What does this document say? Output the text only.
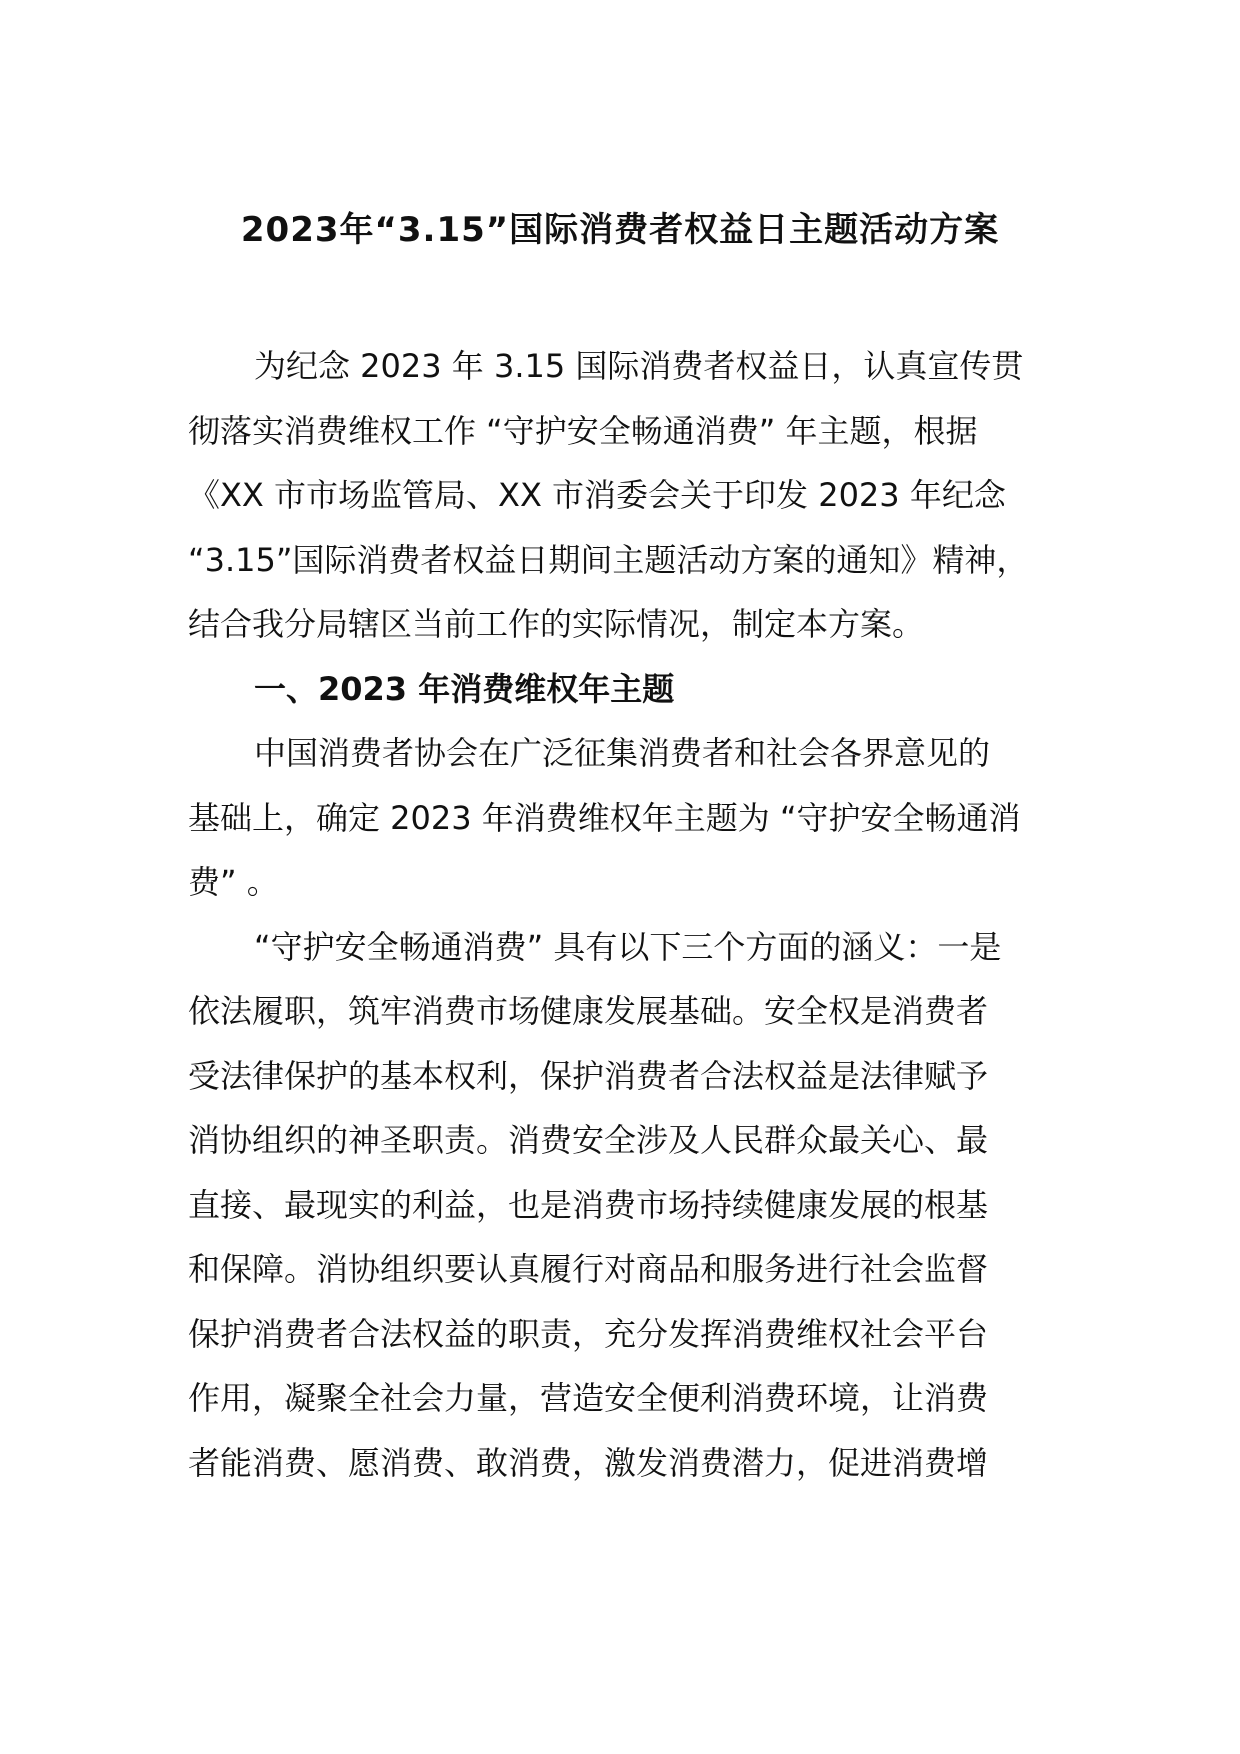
2023年“3.15”国际消费者权益日主题活动方案
为纪念 2023 年 3.15 国际消费者权益日，认真宣传贯
彻落实消费维权工作 “守护安全畅通消费” 年主题，根据
《XX 市市场监管局、XX 市消委会关于印发 2023 年纪念
“3.15”国际消费者权益日期间主题活动方案的通知》精神，
结合我分局辖区当前工作的实际情况，制定本方案。
一、2023 年消费维权年主题
中国消费者协会在广泛征集消费者和社会各界意见的
基础上，确定 2023 年消费维权年主题为 “守护安全畅通消
费” 。
“守护安全畅通消费” 具有以下三个方面的涵义：一是
依法履职，筑牢消费市场健康发展基础。安全权是消费者
受法律保护的基本权利，保护消费者合法权益是法律赋予
消协组织的神圣职责。消费安全涉及人民群众最关心、最
直接、最现实的利益，也是消费市场持续健康发展的根基
和保障。消协组织要认真履行对商品和服务进行社会监督
保护消费者合法权益的职责，充分发挥消费维权社会平台
作用，凝聚全社会力量，营造安全便利消费环境，让消费
者能消费、愿消费、敢消费，激发消费潜力，促进消费增
